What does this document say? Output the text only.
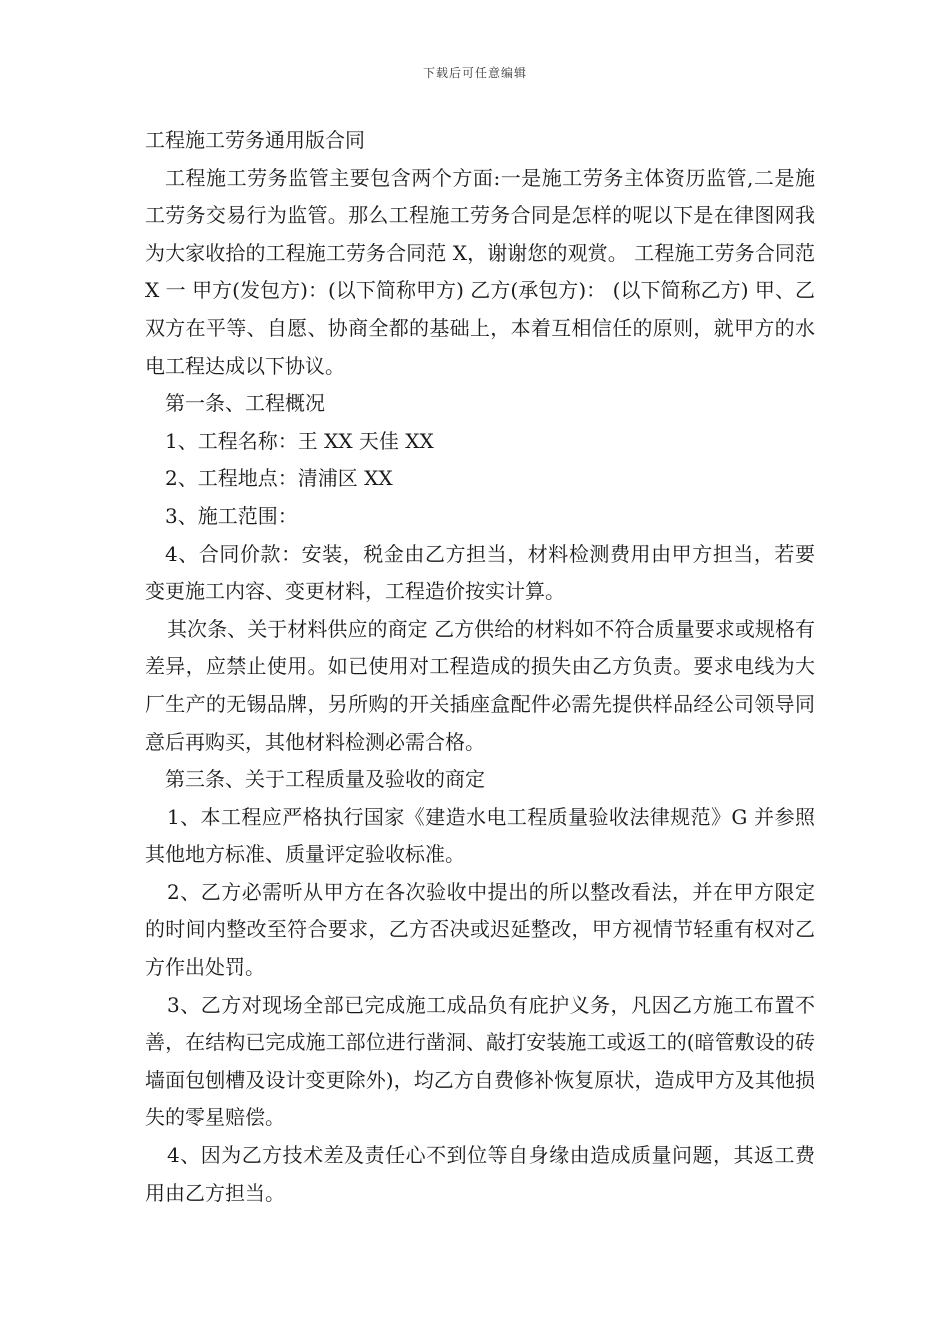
下载后可任意编辑

工程施工劳务通用版合同

工程施工劳务监管主要包含两个方面:一是施工劳务主体资历监管,二是施工劳务交易行为监管。那么工程施工劳务合同是怎样的呢以下是在律图网我为大家收拾的工程施工劳务合同范 X，谢谢您的观赏。 工程施工劳务合同范 X 一 甲方(发包方)：(以下简称甲方) 乙方(承包方)： (以下简称乙方) 甲、乙双方在平等、自愿、协商全都的基础上，本着互相信任的原则，就甲方的水电工程达成以下协议。

第一条、工程概况

1、工程名称：王 XX 天佳 XX

2、工程地点：清浦区 XX

3、施工范围：

4、合同价款：安装，税金由乙方担当，材料检测费用由甲方担当，若要变更施工内容、变更材料，工程造价按实计算。

其次条、关于材料供应的商定 乙方供给的材料如不符合质量要求或规格有差异，应禁止使用。如已使用对工程造成的损失由乙方负责。要求电线为大厂生产的无锡品牌，另所购的开关插座盒配件必需先提供样品经公司领导同意后再购买，其他材料检测必需合格。

第三条、关于工程质量及验收的商定

1、本工程应严格执行国家《建造水电工程质量验收法律规范》G 并参照其他地方标准、质量评定验收标准。

2、乙方必需听从甲方在各次验收中提出的所以整改看法，并在甲方限定的时间内整改至符合要求，乙方否决或迟延整改，甲方视情节轻重有权对乙方作出处罚。

3、乙方对现场全部已完成施工成品负有庇护义务，凡因乙方施工布置不善，在结构已完成施工部位进行凿洞、敲打安装施工或返工的(暗管敷设的砖墙面包刨槽及设计变更除外)，均乙方自费修补恢复原状，造成甲方及其他损失的零星赔偿。

4、因为乙方技术差及责任心不到位等自身缘由造成质量问题，其返工费用由乙方担当。
